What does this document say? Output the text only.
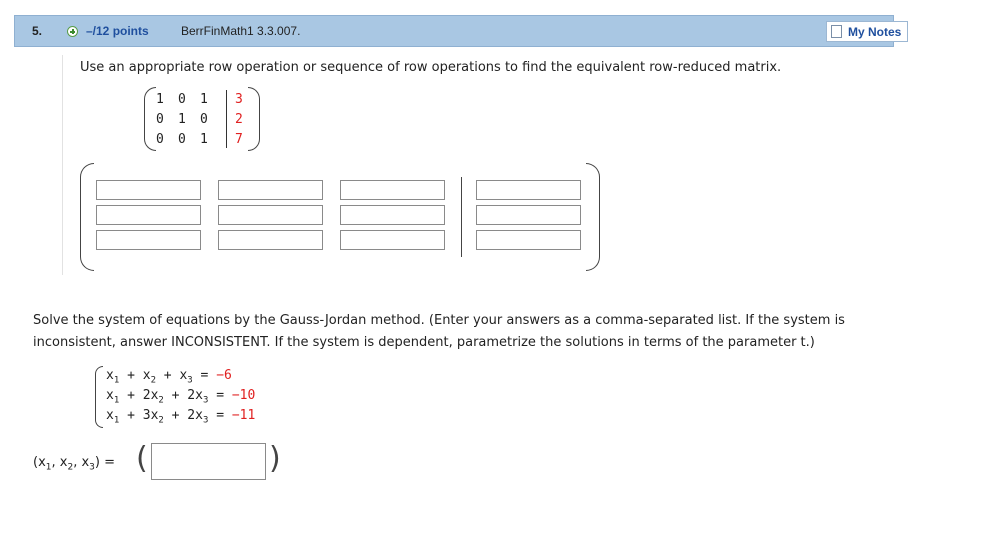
5.	–/12 points	BerrFinMath1 3.3.007.	My Notes
Use an appropriate row operation or sequence of row operations to find the equivalent row-reduced matrix.
1 0 1 3
0 1 0 2
0 0 1 7
Solve the system of equations by the Gauss-Jordan method. (Enter your answers as a comma-separated list. If the system is
inconsistent, answer INCONSISTENT. If the system is dependent, parametrize the solutions in terms of the parameter t.)
$x_1 + x_2 + x_3 = -6$
$x_1 + 2x_2 + 2x_3 = -10$
$x_1 + 3x_2 + 2x_3 = -11$
($x_1$, $x_2$, $x_3$) = (	)
